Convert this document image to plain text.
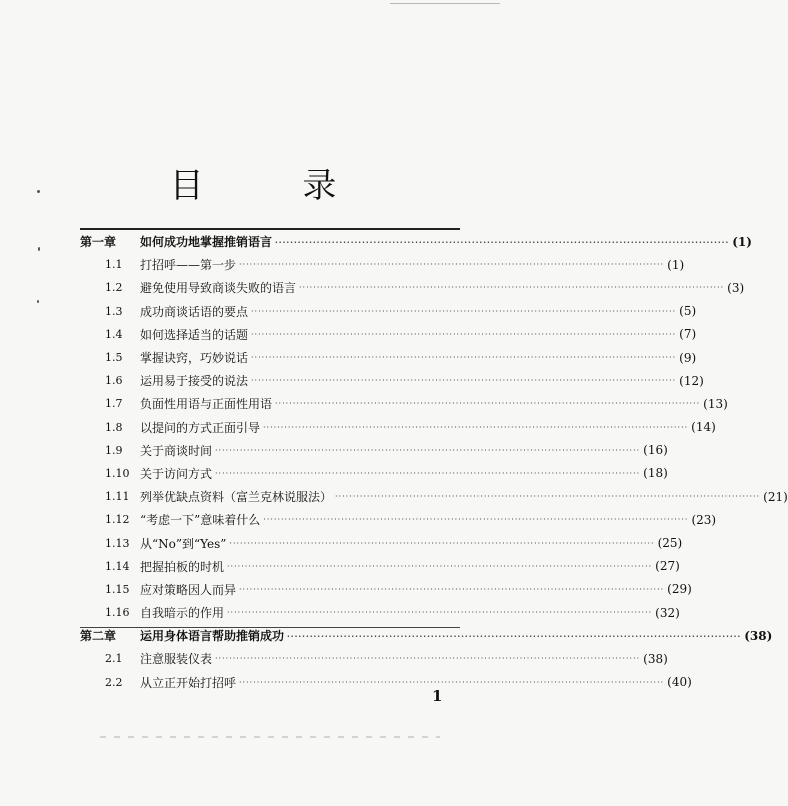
目 录
第一章	如何成功地掌握推销语言 ························································································································ (1)
1.1	打招呼——第一步 ························································································································ (1)
1.2	避免使用导致商谈失败的语言 ························································································································ (3)
1.3	成功商谈话语的要点 ························································································································ (5)
1.4	如何选择适当的话题 ························································································································ (7)
1.5	掌握诀窍，巧妙说话 ························································································································ (9)
1.6	运用易于接受的说法 ························································································································ (12)
1.7	负面性用语与正面性用语 ························································································································ (13)
1.8	以提问的方式正面引导 ························································································································ (14)
1.9	关于商谈时间 ························································································································ (16)
1.10 关于访问方式 ························································································································ (18)
1.11 列举优缺点资料（富兰克林说服法） ························································································································ (21)
1.12 “考虑一下”意味着什么 ························································································································ (23)
1.13 从“No”到“Yes” ························································································································ (25)
1.14 把握拍板的时机 ························································································································ (27)
1.15 应对策略因人而异 ························································································································ (29)
1.16 自我暗示的作用 ························································································································ (32)
第二章	运用身体语言帮助推销成功 ························································································································ (38)
2.1	注意服装仪表 ························································································································ (38)
2.2	从立正开始打招呼 ························································································································ (40)
1
